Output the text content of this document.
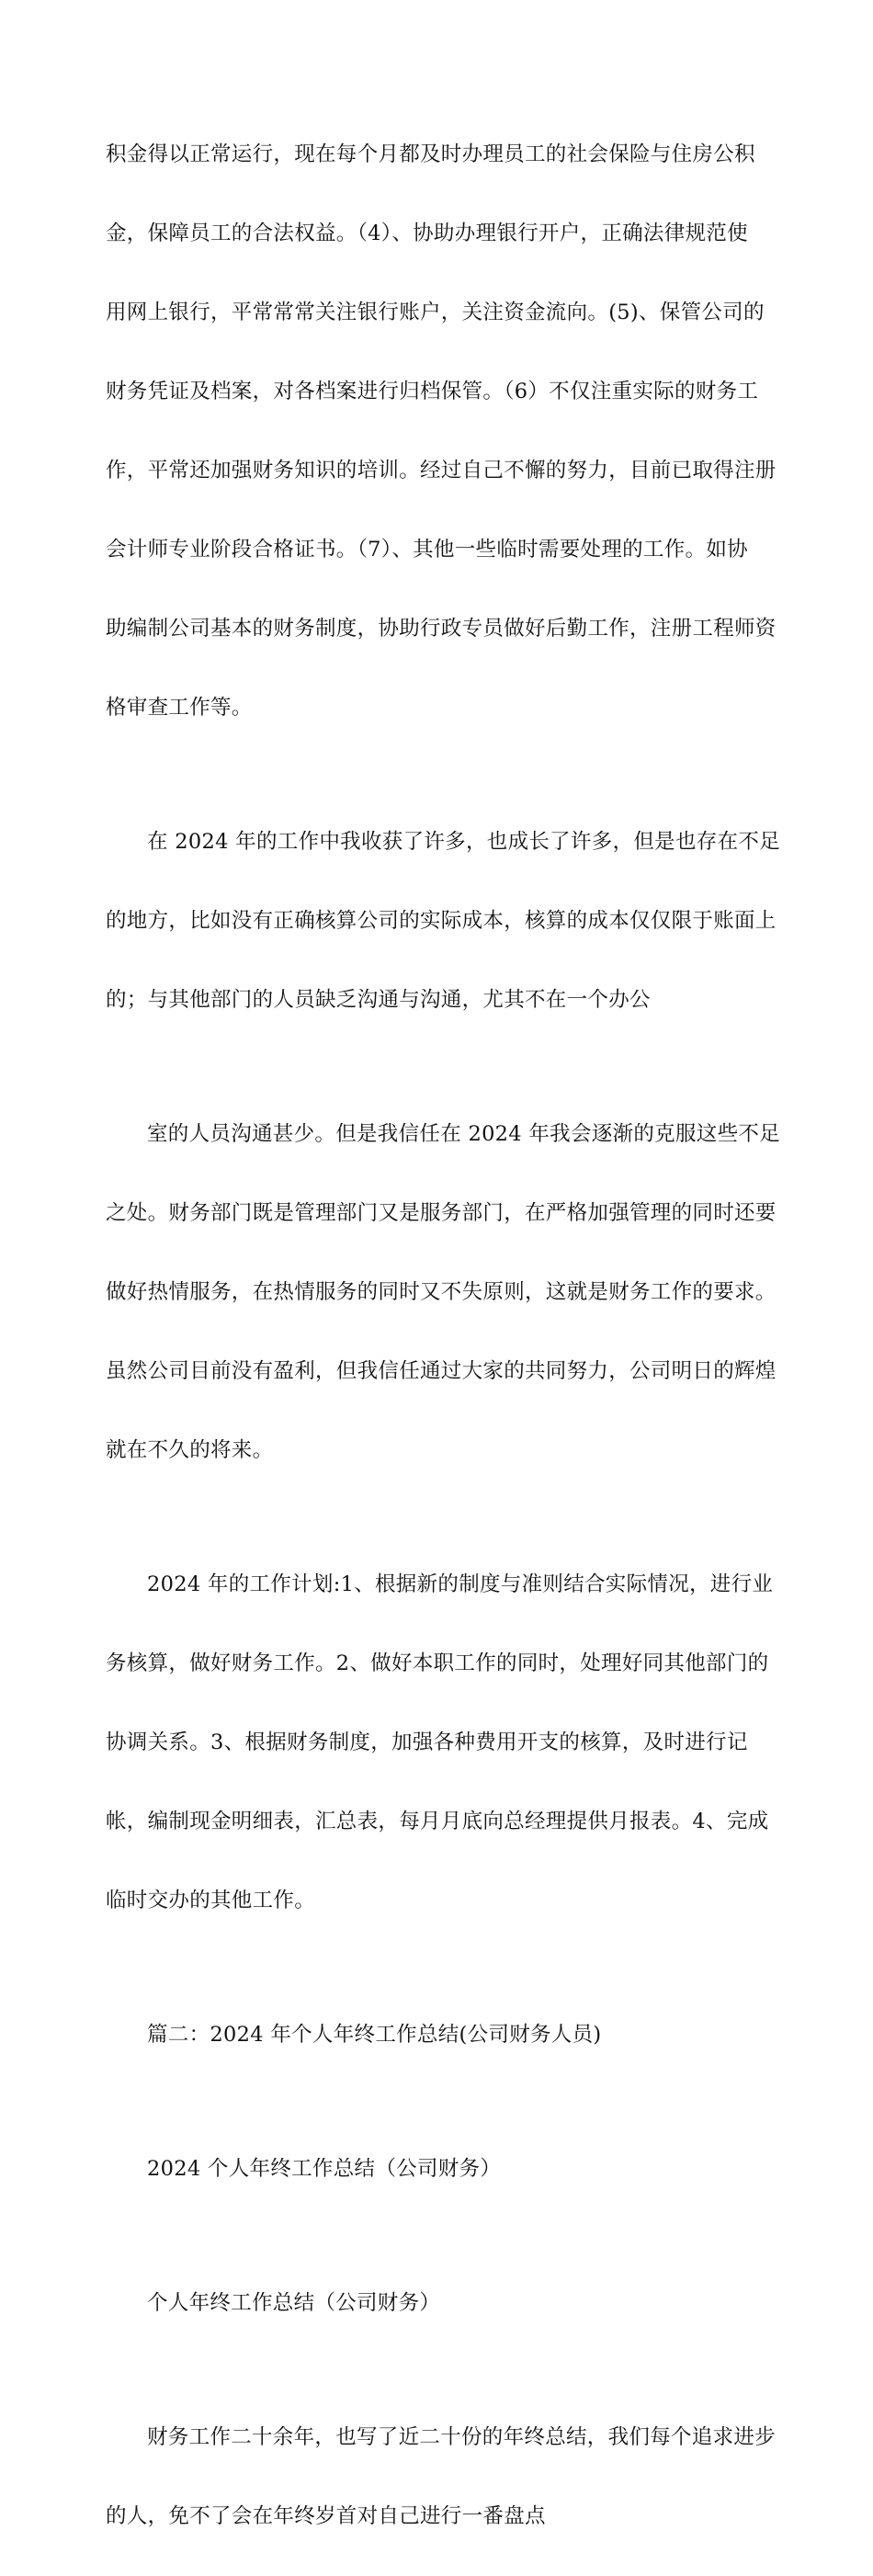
积金得以正常运行，现在每个月都及时办理员工的社会保险与住房公积

金，保障员工的合法权益。（4）、协助办理银行开户，正确法律规范使

用网上银行，平常常常关注银行账户，关注资金流向。(5)、保管公司的

财务凭证及档案，对各档案进行归档保管。（6）不仅注重实际的财务工

作，平常还加强财务知识的培训。经过自己不懈的努力，目前已取得注册

会计师专业阶段合格证书。（7）、其他一些临时需要处理的工作。如协

助编制公司基本的财务制度，协助行政专员做好后勤工作，注册工程师资

格审查工作等。

在 2024 年的工作中我收获了许多，也成长了许多，但是也存在不足

的地方，比如没有正确核算公司的实际成本，核算的成本仅仅限于账面上

的；与其他部门的人员缺乏沟通与沟通，尤其不在一个办公

室的人员沟通甚少。但是我信任在 2024 年我会逐渐的克服这些不足

之处。财务部门既是管理部门又是服务部门，在严格加强管理的同时还要

做好热情服务，在热情服务的同时又不失原则，这就是财务工作的要求。

虽然公司目前没有盈利，但我信任通过大家的共同努力，公司明日的辉煌

就在不久的将来。

2024 年的工作计划:1、根据新的制度与准则结合实际情况，进行业

务核算，做好财务工作。2、做好本职工作的同时，处理好同其他部门的

协调关系。3、根据财务制度，加强各种费用开支的核算，及时进行记

帐，编制现金明细表，汇总表，每月月底向总经理提供月报表。4、完成

临时交办的其他工作。

篇二：2024 年个人年终工作总结(公司财务人员)

2024 个人年终工作总结（公司财务）

个人年终工作总结（公司财务）

财务工作二十余年，也写了近二十份的年终总结，我们每个追求进步

的人，免不了会在年终岁首对自己进行一番盘点
